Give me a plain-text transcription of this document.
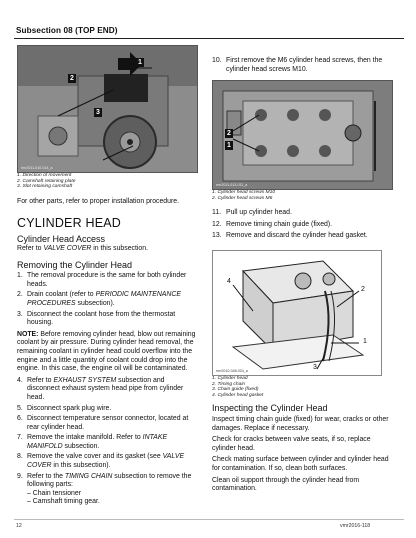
Subsection 08 (TOP END)
1
2
3
rmr2011-010-014_a
1. Direction of movement
2. Camshaft retaining plate
3. Slot retaining camshaft

For other parts, refer to proper installation procedure.

CYLINDER HEAD
Cylinder Head Access

Refer to VALVE COVER in this subsection.

Removing the Cylinder Head
1. The removal procedure is the same for both cylinder heads.
2. Drain coolant (refer to PERIODIC MAINTENANCE PROCEDURES subsection).
3. Disconnect the coolant hose from the thermostat housing.

NOTE: Before removing cylinder head, blow out remaining coolant by air pressure. During cylinder head removal, the remaining coolant in cylinder head could overflow into the engine and a little quantity of coolant could drop into the engine. In this case, the engine oil will be contaminated.

4. Refer to EXHAUST SYSTEM subsection and disconnect exhaust system head pipe from cylinder head.
5. Disconnect spark plug wire.
6. Disconnect temperature sensor connector, located at rear cylinder head.
7. Remove the intake manifold. Refer to INTAKE MANIFOLD subsection.
8. Remove the valve cover and its gasket (see VALVE COVER in this subsection).
9. Refer to the TIMING CHAIN subsection to remove the following parts:
– Chain tensioner
– Camshaft timing gear.
10. First remove the M6 cylinder head screws, then the cylinder head screws M10.
2
1
rmr2011-013-011_a
1. Cylinder head screws M10
2. Cylinder head screws M6
11. Pull up cylinder head.
12. Remove timing chain guide (fixed).
13. Remove and discard the cylinder head gasket.
4
2
1
3
rmr2010-048-004_a
1. Cylinder head
2. Timing chain
3. Chain guide (fixed)
4. Cylinder head gasket
Inspecting the Cylinder Head

Inspect timing chain guide (fixed) for wear, cracks or other damages. Replace if necessary.

Check for cracks between valve seats, if so, replace cylinder head.

Check mating surface between cylinder and cylinder head for contamination. If so, clean both surfaces.

Clean oil support through the cylinder head from contamination.

12	vmr2016-118
